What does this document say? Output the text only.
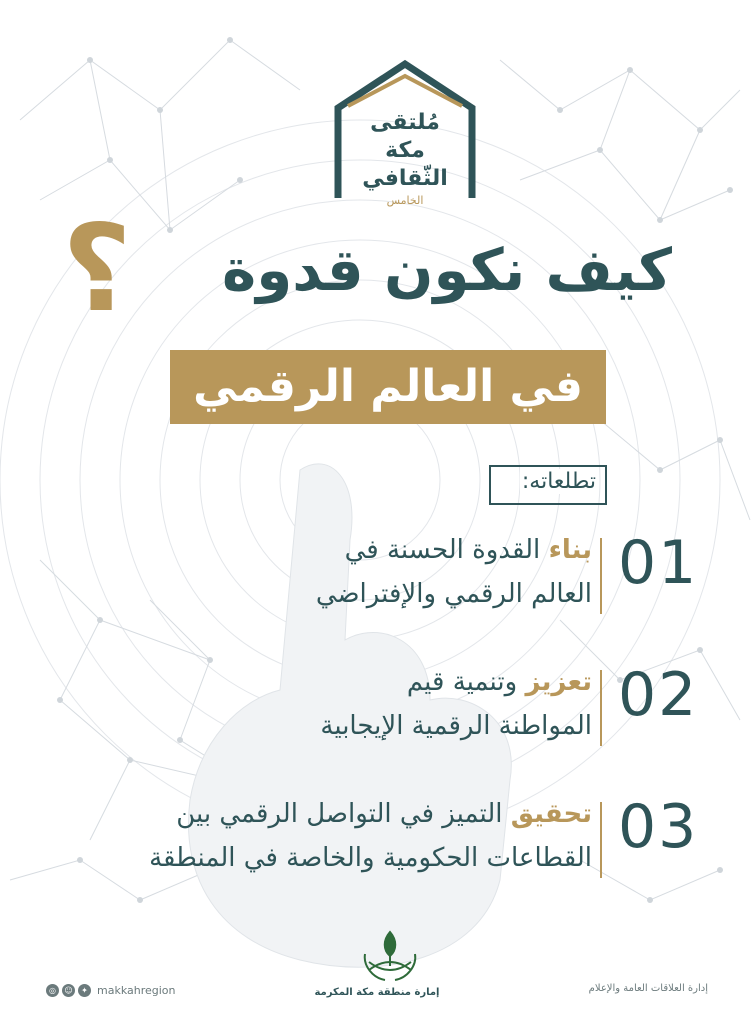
مُلتقى
مكة
الثّقافي
الخامس
؟ كيف نكون قدوة
في العالم الرقمي
تطلعاته:
01
بناء القدوة الحسنة في
العالم الرقمي والإفتراضي
02
تعزيز وتنمية قيم
المواطنة الرقمية الإيجابية
03
تحقيق التميز في التواصل الرقمي بين
القطاعات الحكومية والخاصة في المنطقة
إمارة منطقة مكة المكرمة
◎	☺	✦ makkahregion	إدارة العلاقات العامة والإعلام
